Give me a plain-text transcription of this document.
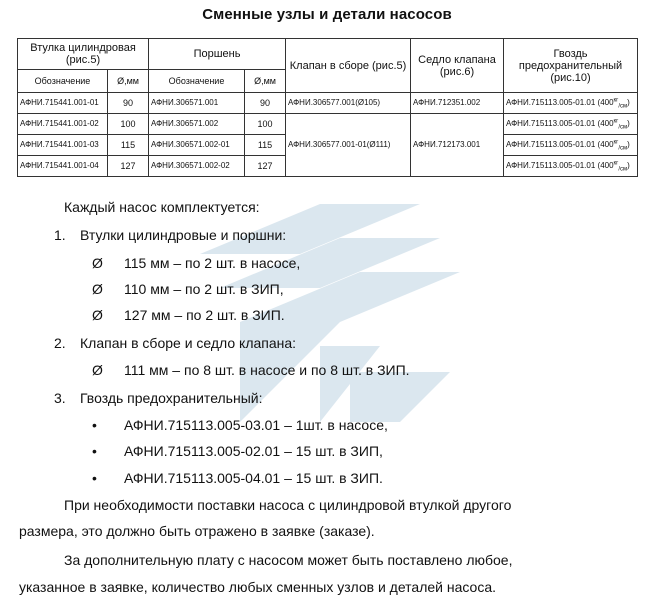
Сменные узлы и детали насосов
Втулка цилиндровая (рис.5)		Поршень		Клапан в сборе (рис.5)	Седло клапана (рис.6)	Гвоздь предохранительный (рис.10)
Обозначение	Ø,мм	Обозначение	Ø,мм			
АФНИ.715441.001-01	90	АФНИ.306571.001	90	АФНИ.306577.001(Ø105)	АФНИ.712351.002	АФНИ.715113.005-01.01 $(400^{кг}_{/см})$
АФНИ.715441.001-02	100	АФНИ.306571.002	100	АФНИ.306577.001-01(Ø111)	АФНИ.712173.001	АФНИ.715113.005-01.01 $(400^{кг}_{/см})$
АФНИ.715441.001-03	115	АФНИ.306571.002-01	115			АФНИ.715113.005-01.01 $(400^{кг}_{/см})$
АФНИ.715441.001-04	127	АФНИ.306571.002-02	127			АФНИ.715113.005-01.01 $(400^{кг}_{/см})$
Каждый насос комплектуется:
1. Втулки цилиндровые и поршни:
Ø 115 мм – по 2 шт. в насосе,
Ø 110 мм – по 2 шт. в ЗИП,
Ø 127 мм – по 2 шт. в ЗИП.
2. Клапан в сборе и седло клапана:
Ø 111 мм – по 8 шт. в насосе и по 8 шт. в ЗИП.
3. Гвоздь предохранительный:
• АФНИ.715113.005-03.01 – 1шт. в насосе,
• АФНИ.715113.005-02.01 – 15 шт. в ЗИП,
• АФНИ.715113.005-04.01 – 15 шт. в ЗИП.
При необходимости поставки насоса с цилиндровой втулкой другого
размера, это должно быть отражено в заявке (заказе).
За дополнительную плату с насосом может быть поставлено любое,
указанное в заявке, количество любых сменных узлов и деталей насоса.
